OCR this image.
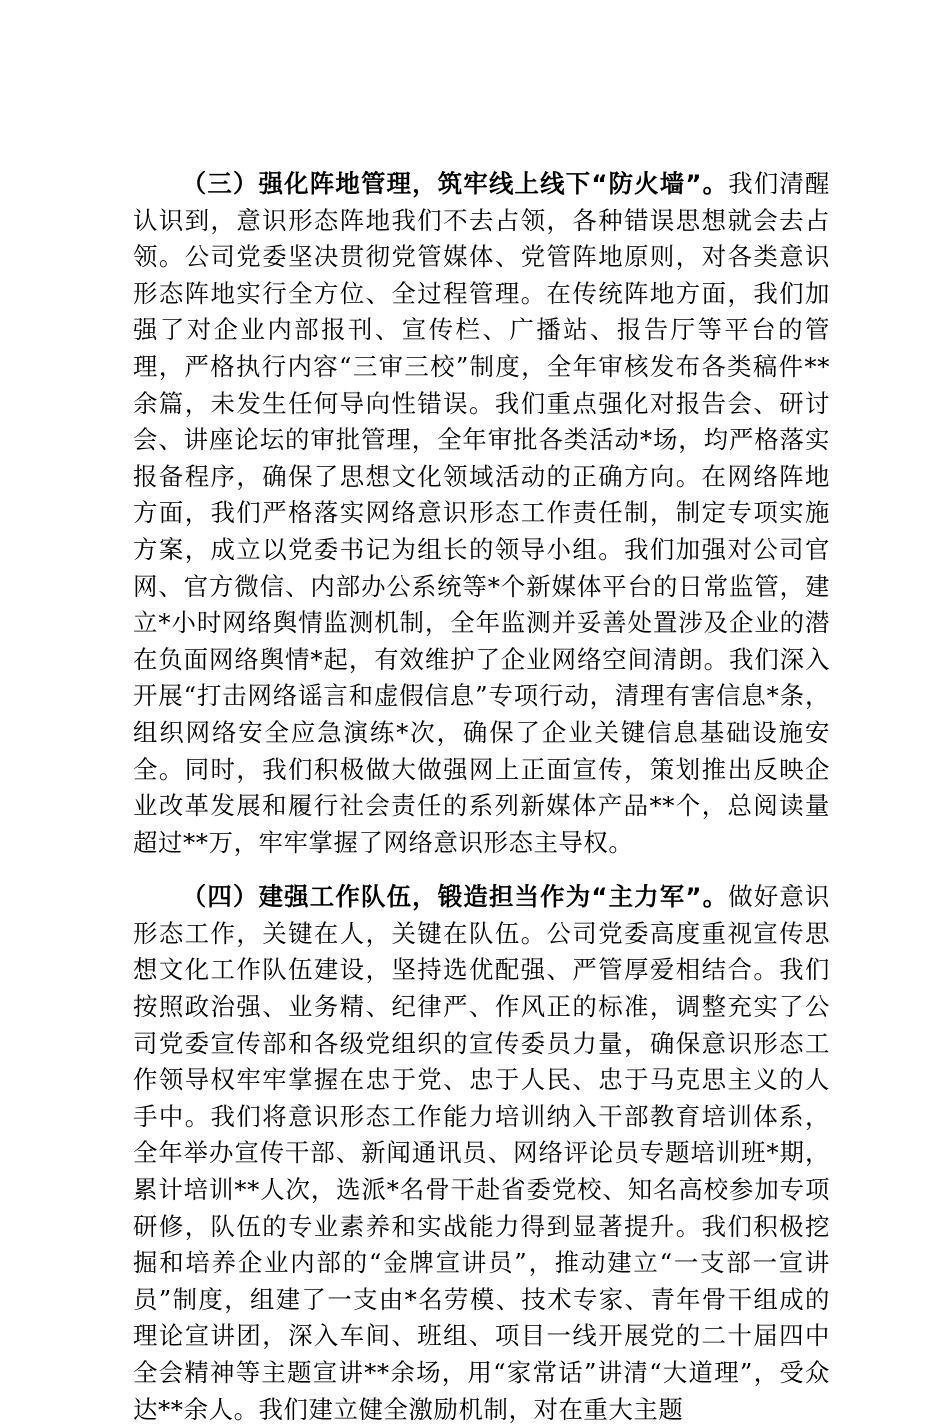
（三）强化阵地管理，筑牢线上线下“防火墙”。我们清醒认识到，意识形态阵地我们不去占领，各种错误思想就会去占领。公司党委坚决贯彻党管媒体、党管阵地原则，对各类意识形态阵地实行全方位、全过程管理。在传统阵地方面，我们加强了对企业内部报刊、宣传栏、广播站、报告厅等平台的管理，严格执行内容“三审三校”制度，全年审核发布各类稿件**余篇，未发生任何导向性错误。我们重点强化对报告会、研讨会、讲座论坛的审批管理，全年审批各类活动*场，均严格落实报备程序，确保了思想文化领域活动的正确方向。在网络阵地方面，我们严格落实网络意识形态工作责任制，制定专项实施方案，成立以党委书记为组长的领导小组。我们加强对公司官网、官方微信、内部办公系统等*个新媒体平台的日常监管，建立*小时网络舆情监测机制，全年监测并妥善处置涉及企业的潜在负面网络舆情*起，有效维护了企业网络空间清朗。我们深入开展“打击网络谣言和虚假信息”专项行动，清理有害信息*条，组织网络安全应急演练*次，确保了企业关键信息基础设施安全。同时，我们积极做大做强网上正面宣传，策划推出反映企业改革发展和履行社会责任的系列新媒体产品**个，总阅读量超过**万，牢牢掌握了网络意识形态主导权。

（四）建强工作队伍，锻造担当作为“主力军”。做好意识形态工作，关键在人，关键在队伍。公司党委高度重视宣传思想文化工作队伍建设，坚持选优配强、严管厚爱相结合。我们按照政治强、业务精、纪律严、作风正的标准，调整充实了公司党委宣传部和各级党组织的宣传委员力量，确保意识形态工作领导权牢牢掌握在忠于党、忠于人民、忠于马克思主义的人手中。我们将意识形态工作能力培训纳入干部教育培训体系，全年举办宣传干部、新闻通讯员、网络评论员专题培训班*期，累计培训**人次，选派*名骨干赴省委党校、知名高校参加专项研修，队伍的专业素养和实战能力得到显著提升。我们积极挖掘和培养企业内部的“金牌宣讲员”，推动建立“一支部一宣讲员”制度，组建了一支由*名劳模、技术专家、青年骨干组成的理论宣讲团，深入车间、班组、项目一线开展党的二十届四中全会精神等主题宣讲**余场，用“家常话”讲清“大道理”，受众达**余人。我们建立健全激励机制，对在重大主题
